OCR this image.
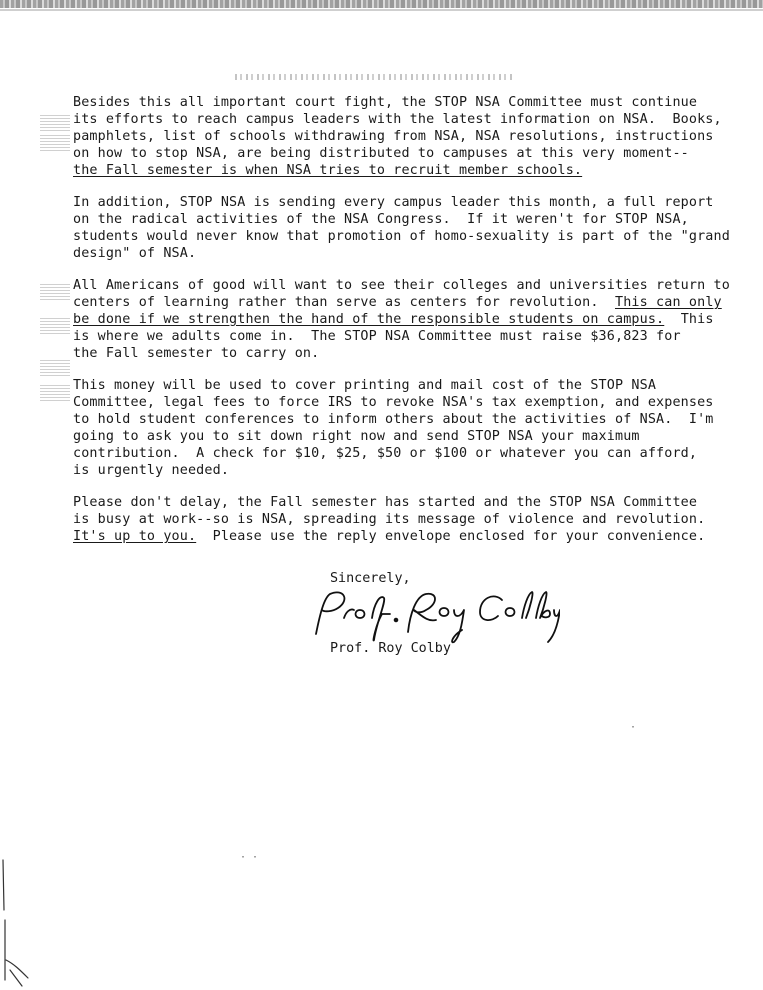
Besides this all important court fight, the STOP NSA Committee must continue
its efforts to reach campus leaders with the latest information on NSA.  Books,
pamphlets, list of schools withdrawing from NSA, NSA resolutions, instructions
on how to stop NSA, are being distributed to campuses at this very moment--
the Fall semester is when NSA tries to recruit member schools.

In addition, STOP NSA is sending every campus leader this month, a full report
on the radical activities of the NSA Congress.  If it weren't for STOP NSA,
students would never know that promotion of homo-sexuality is part of the "grand
design" of NSA.

All Americans of good will want to see their colleges and universities return to
centers of learning rather than serve as centers for revolution.  This can only
be done if we strengthen the hand of the responsible students on campus.  This
is where we adults come in.  The STOP NSA Committee must raise $36,823 for
the Fall semester to carry on.

This money will be used to cover printing and mail cost of the STOP NSA
Committee, legal fees to force IRS to revoke NSA's tax exemption, and expenses
to hold student conferences to inform others about the activities of NSA.  I'm
going to ask you to sit down right now and send STOP NSA your maximum
contribution.  A check for $10, $25, $50 or $100 or whatever you can afford,
is urgently needed.

Please don't delay, the Fall semester has started and the STOP NSA Committee
is busy at work--so is NSA, spreading its message of violence and revolution.
It's up to you.  Please use the reply envelope enclosed for your convenience.

Sincerely,
Prof. Roy Colby
· ·
·
